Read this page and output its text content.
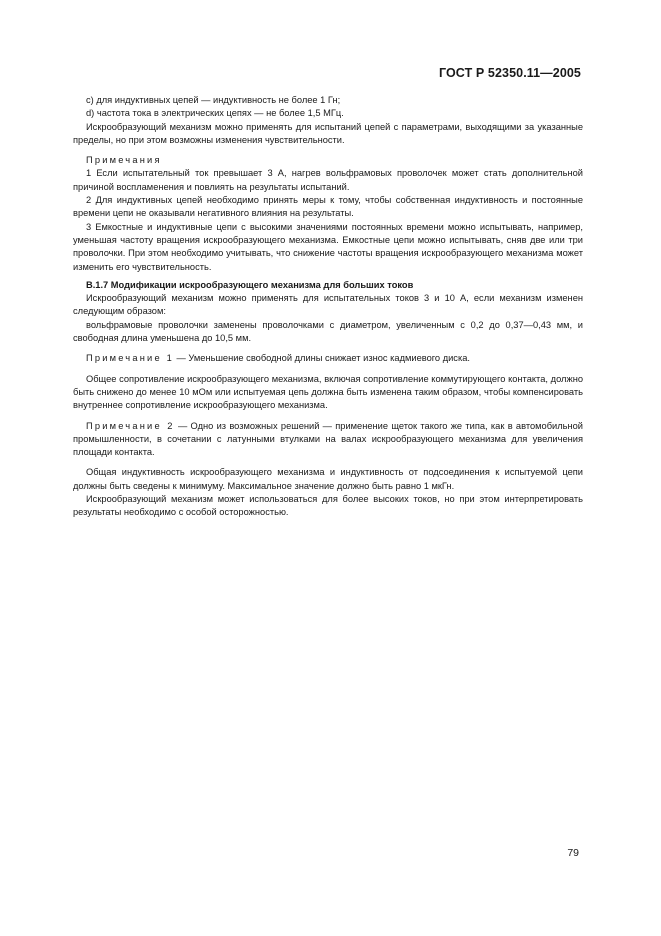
ГОСТ Р 52350.11—2005

c) для индуктивных цепей — индуктивность не более 1 Гн;

d) частота тока в электрических цепях — не более 1,5 МГц.

Искрообразующий механизм можно применять для испытаний цепей с параметрами, выходящими за указанные пределы, но при этом возможны изменения чувствительности.

Примечания

1 Если испытательный ток превышает 3 А, нагрев вольфрамовых проволочек может стать дополнительной причиной воспламенения и повлиять на результаты испытаний.

2 Для индуктивных цепей необходимо принять меры к тому, чтобы собственная индуктивность и постоянные времени цепи не оказывали негативного влияния на результаты.

3 Емкостные и индуктивные цепи с высокими значениями постоянных времени можно испытывать, например, уменьшая частоту вращения искрообразующего механизма. Емкостные цепи можно испытывать, сняв две или три проволочки. При этом необходимо учитывать, что снижение частоты вращения искрообразующего механизма может изменить его чувствительность.

В.1.7 Модификации искрообразующего механизма для больших токов

Искрообразующий механизм можно применять для испытательных токов 3 и 10 А, если механизм изменен следующим образом:

вольфрамовые проволочки заменены проволочками с диаметром, увеличенным с 0,2 до 0,37—0,43 мм, и свободная длина уменьшена до 10,5 мм.

Примечание 1 — Уменьшение свободной длины снижает износ кадмиевого диска.

Общее сопротивление искрообразующего механизма, включая сопротивление коммутирующего контакта, должно быть снижено до менее 10 мОм или испытуемая цепь должна быть изменена таким образом, чтобы компенсировать внутреннее сопротивление искрообразующего механизма.

Примечание 2 — Одно из возможных решений — применение щеток такого же типа, как в автомобильной промышленности, в сочетании с латунными втулками на валах искрообразующего механизма для увеличения площади контакта.

Общая индуктивность искрообразующего механизма и индуктивность от подсоединения к испытуемой цепи должны быть сведены к минимуму. Максимальное значение должно быть равно 1 мкГн.

Искрообразующий механизм может использоваться для более высоких токов, но при этом интерпретировать результаты необходимо с особой осторожностью.

79
